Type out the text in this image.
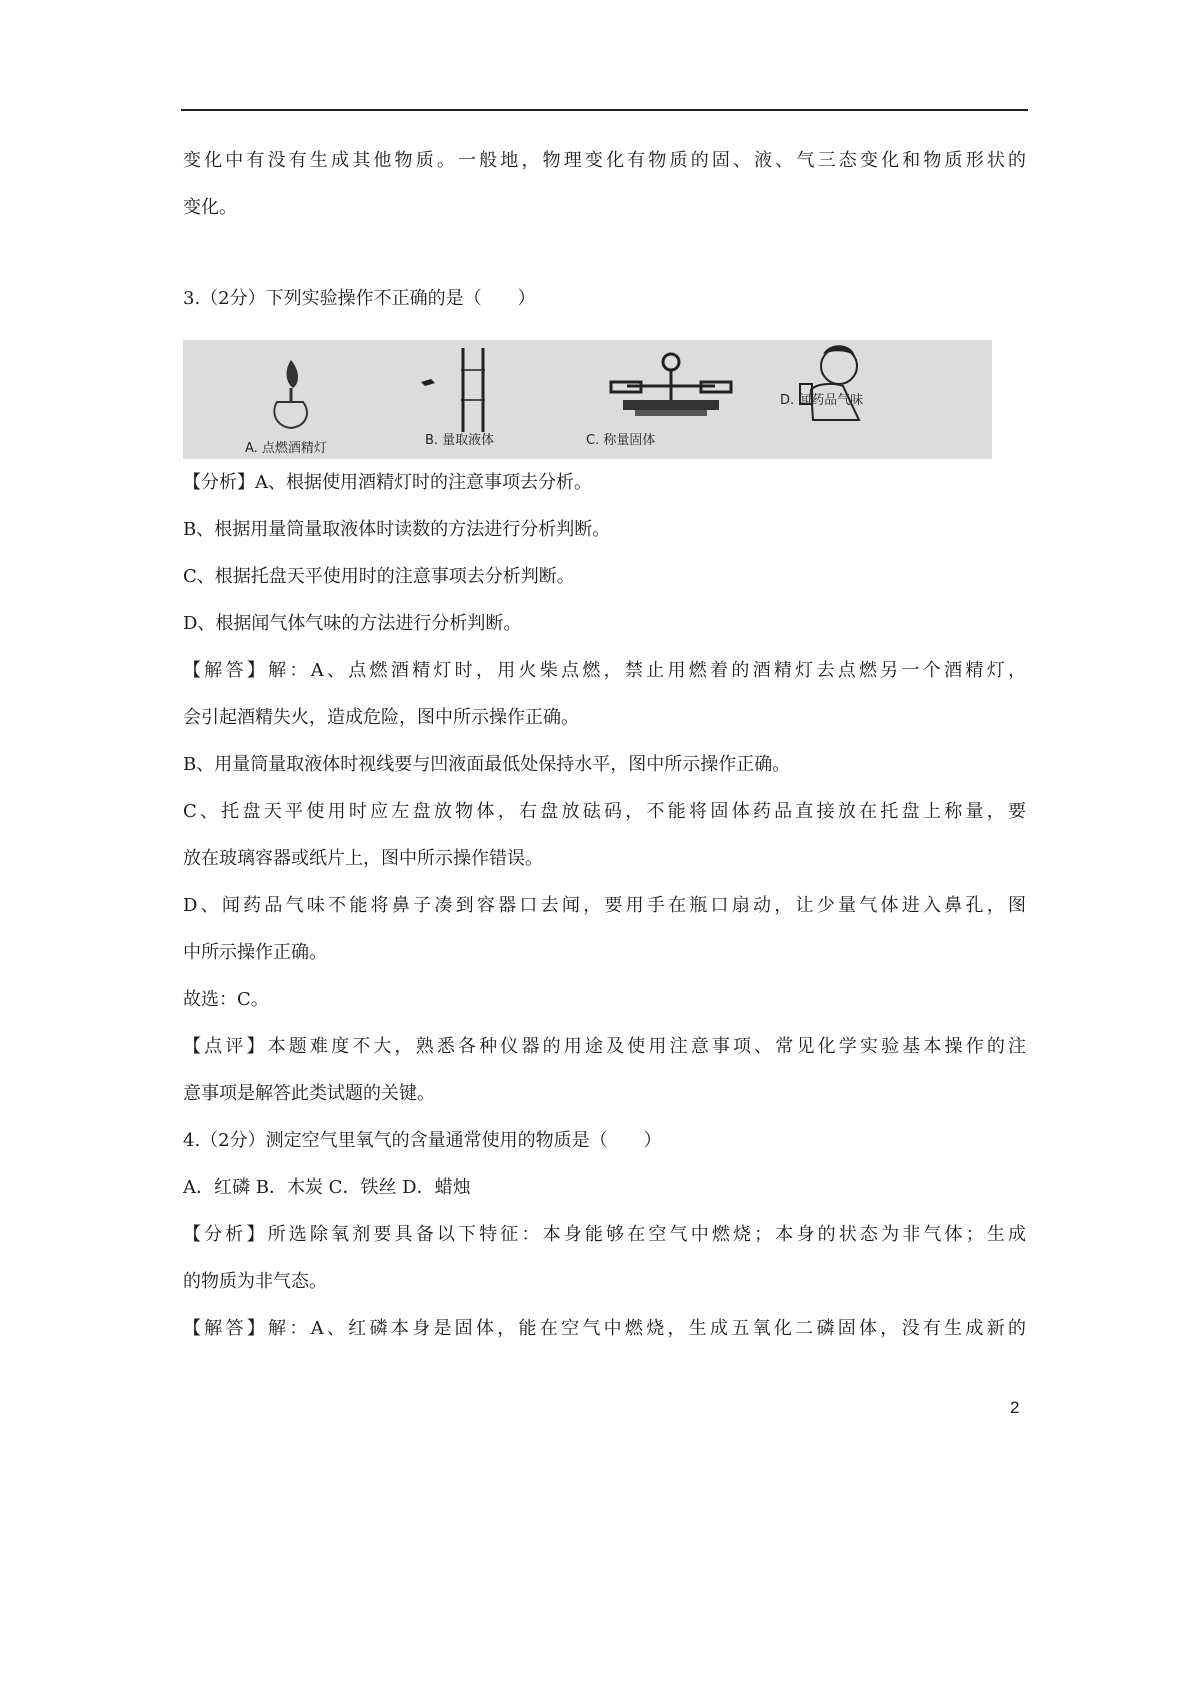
变化中有没有生成其他物质。一般地，物理变化有物质的固、液、气三态变化和物质形状的

变化。

3.（2分）下列实验操作不正确的是（　　）

A. 点燃酒精灯
B. 量取液体	C. 称量固体
D. 闻药品气味

【分析】A、根据使用酒精灯时的注意事项去分析。

B、根据用量筒量取液体时读数的方法进行分析判断。

C、根据托盘天平使用时的注意事项去分析判断。

D、根据闻气体气味的方法进行分析判断。

【解答】解：A、点燃酒精灯时，用火柴点燃，禁止用燃着的酒精灯去点燃另一个酒精灯，

会引起酒精失火，造成危险，图中所示操作正确。

B、用量筒量取液体时视线要与凹液面最低处保持水平，图中所示操作正确。

C、托盘天平使用时应左盘放物体，右盘放砝码，不能将固体药品直接放在托盘上称量，要

放在玻璃容器或纸片上，图中所示操作错误。

D、闻药品气味不能将鼻子凑到容器口去闻，要用手在瓶口扇动，让少量气体进入鼻孔，图

中所示操作正确。

故选：C。

【点评】本题难度不大，熟悉各种仪器的用途及使用注意事项、常见化学实验基本操作的注

意事项是解答此类试题的关键。

4.（2分）测定空气里氧气的含量通常使用的物质是（　　）

A．红磷 B．木炭 C．铁丝 D．蜡烛

【分析】所选除氧剂要具备以下特征：本身能够在空气中燃烧；本身的状态为非气体；生成

的物质为非气态。

【解答】解：A、红磷本身是固体，能在空气中燃烧，生成五氧化二磷固体，没有生成新的

2
